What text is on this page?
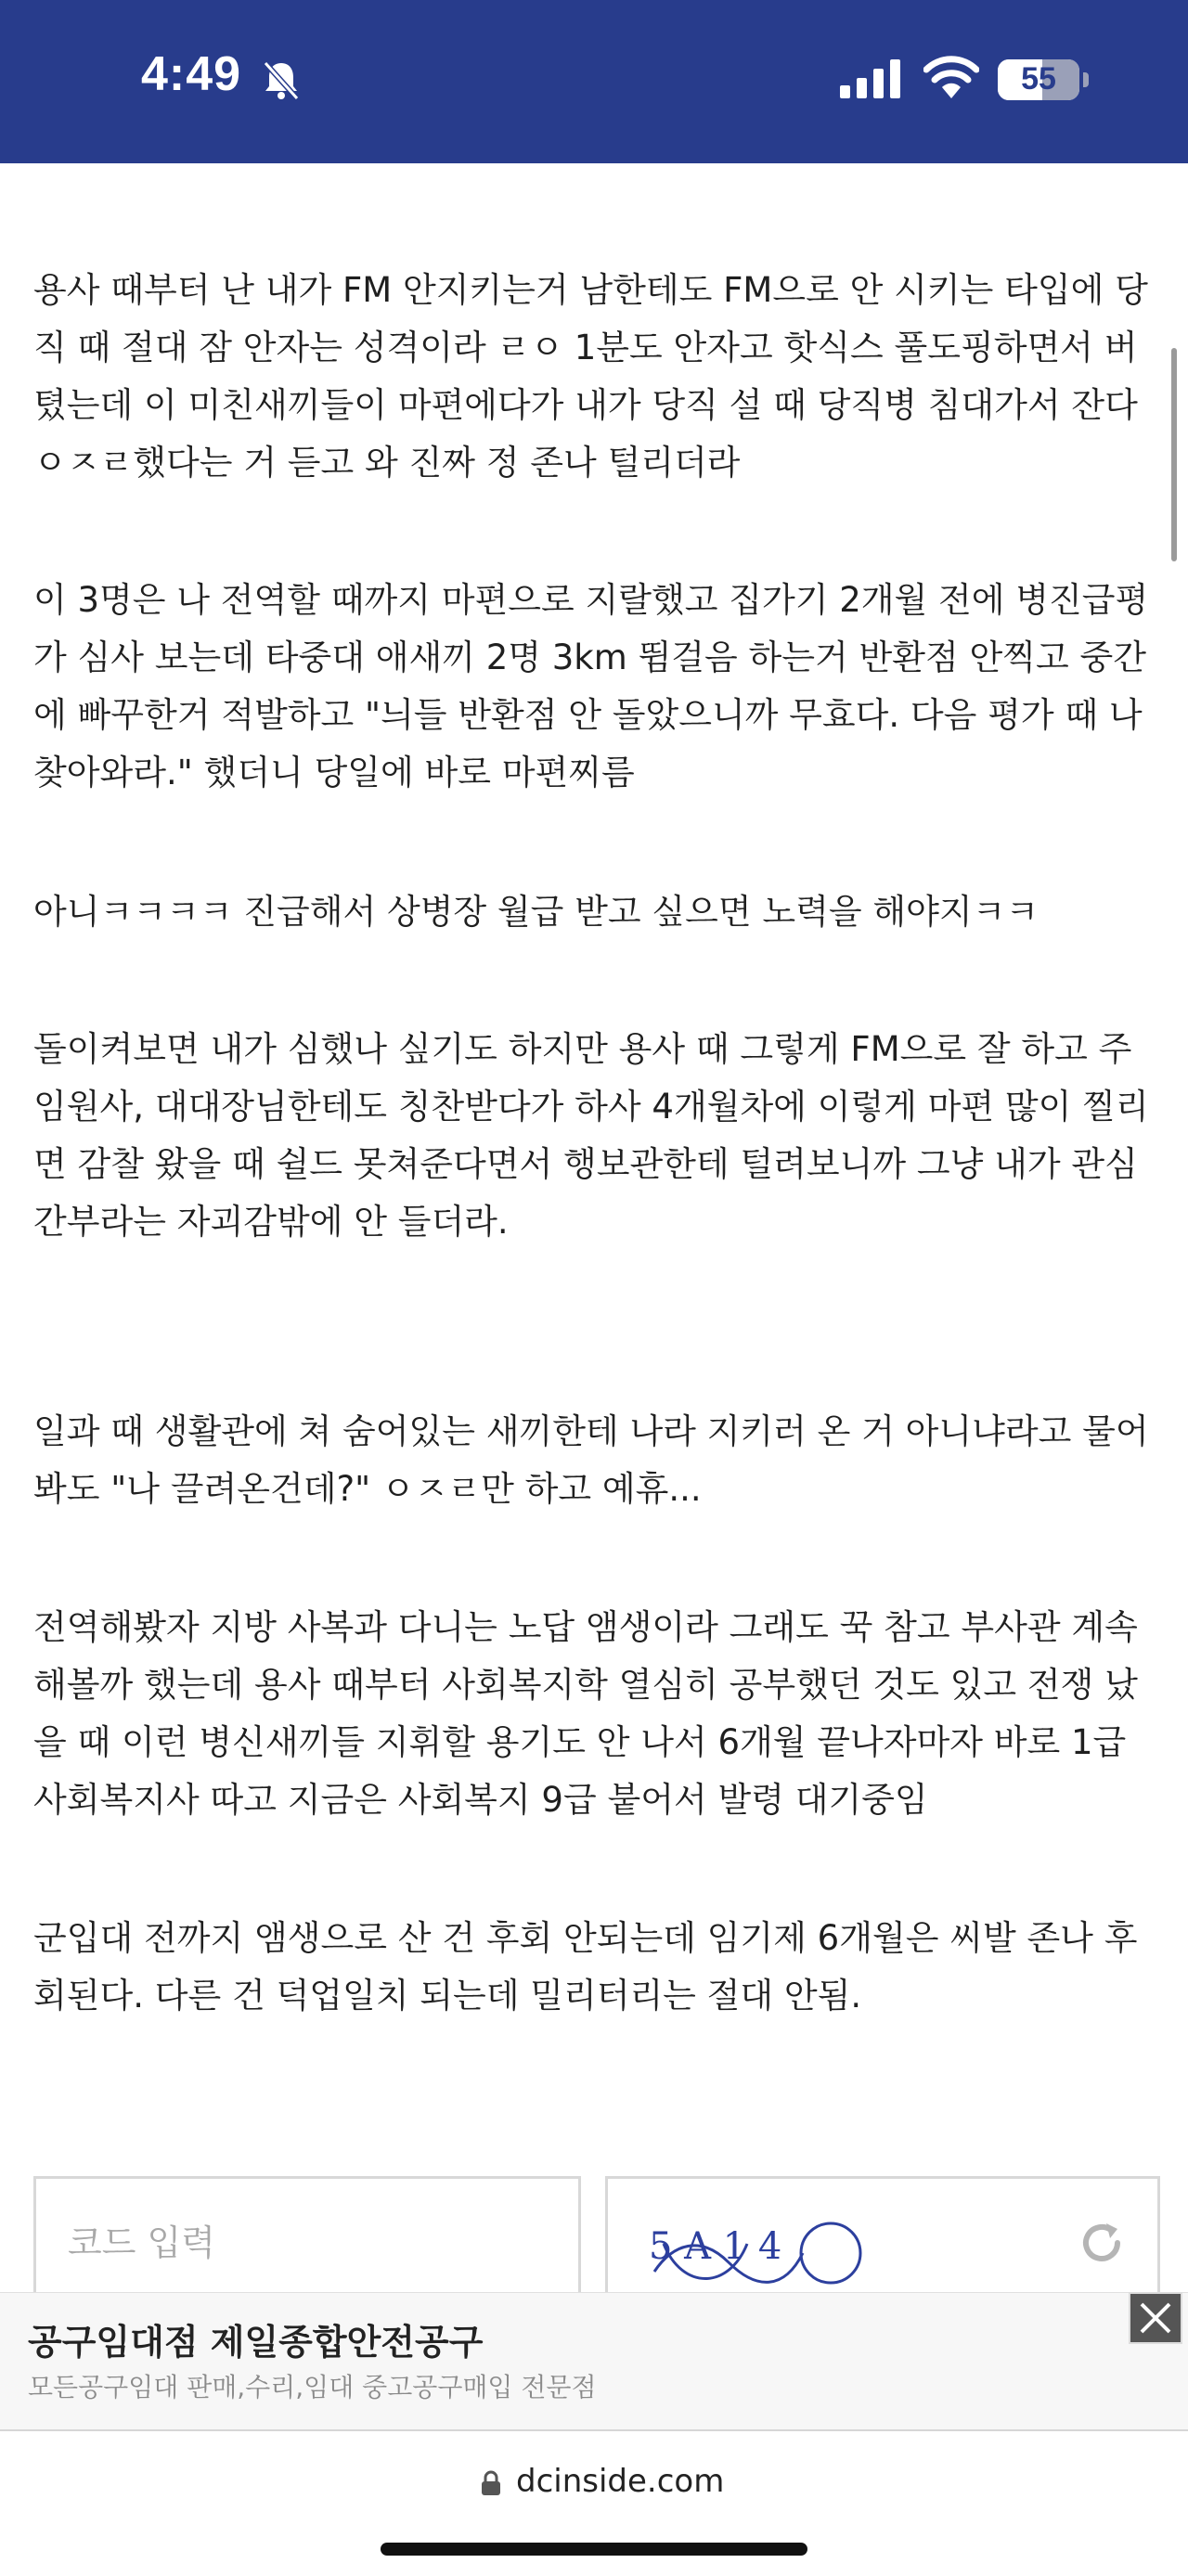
4:49	55
용사 때부터 난 내가 FM 안지키는거 남한테도 FM으로 안 시키는 타입에 당
직 때 절대 잠 안자는 성격이라 ㄹㅇ 1분도 안자고 핫식스 풀도핑하면서 버
텼는데 이 미친새끼들이 마편에다가 내가 당직 설 때 당직병 침대가서 잔다
ㅇㅈㄹ했다는 거 듣고 와 진짜 정 존나 털리더라
이 3명은 나 전역할 때까지 마편으로 지랄했고 집가기 2개월 전에 병진급평
가 심사 보는데 타중대 애새끼 2명 3km 뜀걸음 하는거 반환점 안찍고 중간
에 빠꾸한거 적발하고 "늬들 반환점 안 돌았으니까 무효다. 다음 평가 때 나
찾아와라." 했더니 당일에 바로 마편찌름
아니ㅋㅋㅋㅋ 진급해서 상병장 월급 받고 싶으면 노력을 해야지ㅋㅋ
돌이켜보면 내가 심했나 싶기도 하지만 용사 때 그렇게 FM으로 잘 하고 주
임원사, 대대장님한테도 칭찬받다가 하사 4개월차에 이렇게 마편 많이 찔리
면 감찰 왔을 때 쉴드 못쳐준다면서 행보관한테 털려보니까 그냥 내가 관심
간부라는 자괴감밖에 안 들더라.
일과 때 생활관에 쳐 숨어있는 새끼한테 나라 지키러 온 거 아니냐라고 물어
봐도 "나 끌려온건데?" ㅇㅈㄹ만 하고 예휴...
전역해봤자 지방 사복과 다니는 노답 앰생이라 그래도 꾹 참고 부사관 계속
해볼까 했는데 용사 때부터 사회복지학 열심히 공부했던 것도 있고 전쟁 났
을 때 이런 병신새끼들 지휘할 용기도 안 나서 6개월 끝나자마자 바로 1급
사회복지사 따고 지금은 사회복지 9급 붙어서 발령 대기중임
군입대 전까지 앰생으로 산 건 후회 안되는데 임기제 6개월은 씨발 존나 후
회된다. 다른 건 덕업일치 되는데 밀리터리는 절대 안됨.
코드 입력	5 A 1 4
공구임대점 제일종합안전공구
모든공구임대 판매,수리,임대 중고공구매입 전문점
dcinside.com
